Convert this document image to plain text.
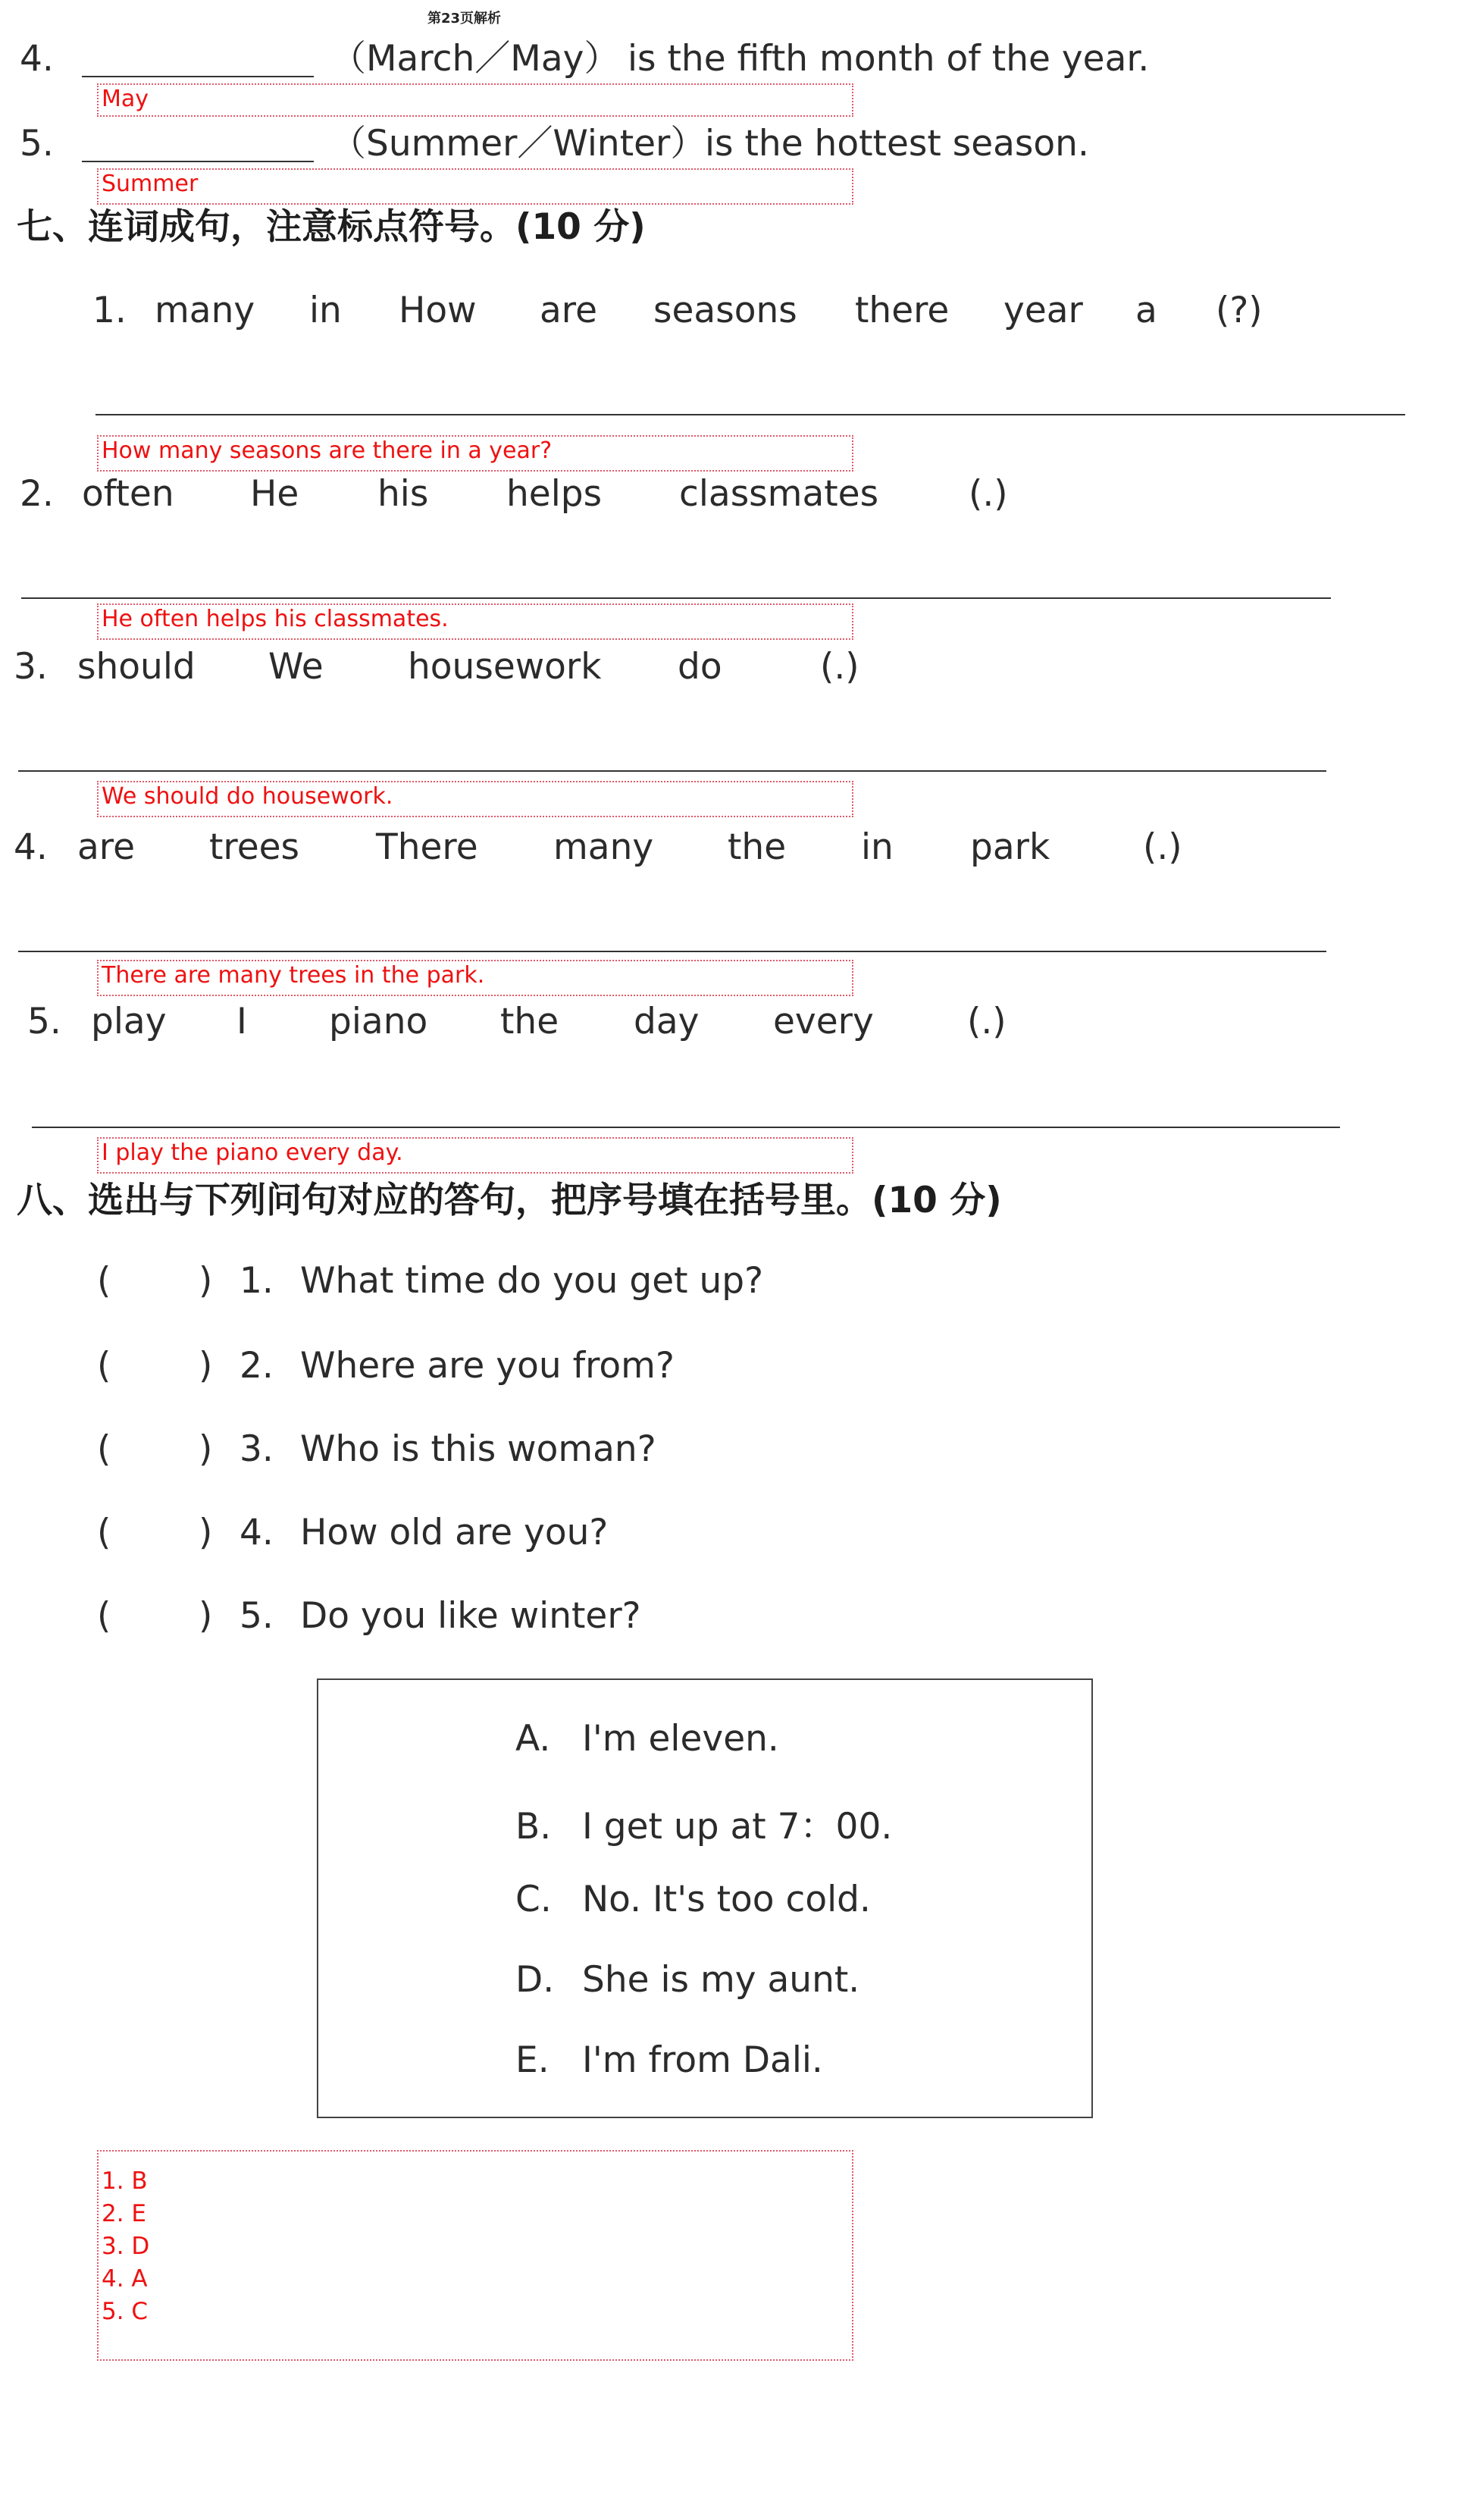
第23页解析
4.	（March／May） is the fifth month of the year.
May
5.	（Summer／Winter）
is the hottest season.
Summer
七、连词成句，注意标点符号。(10 分)
1. many in How are seasons there year a (?)
How many seasons are there in a year?
2. often He his helps classmates	(.)
He often helps his classmates.
3. should We housework do	(.)
We should do housework.
4. are trees There many the in park	(.)
There are many trees in the park.
5. play I piano the day every	(.)
I play the piano every day.
八、选出与下列问句对应的答句，把序号填在括号里。(10 分)
( ) 1. What time do you get up?
( ) 2. Where are you from?
( ) 3. Who is this woman?
( ) 4. How old are you?
( ) 5. Do you like winter?
A. I'm eleven.
B. I get up at 7：00.
C. No. It's too cold.
D. She is my aunt.
E. I'm from Dali.
1. B
2. E
3. D
4. A
5. C
